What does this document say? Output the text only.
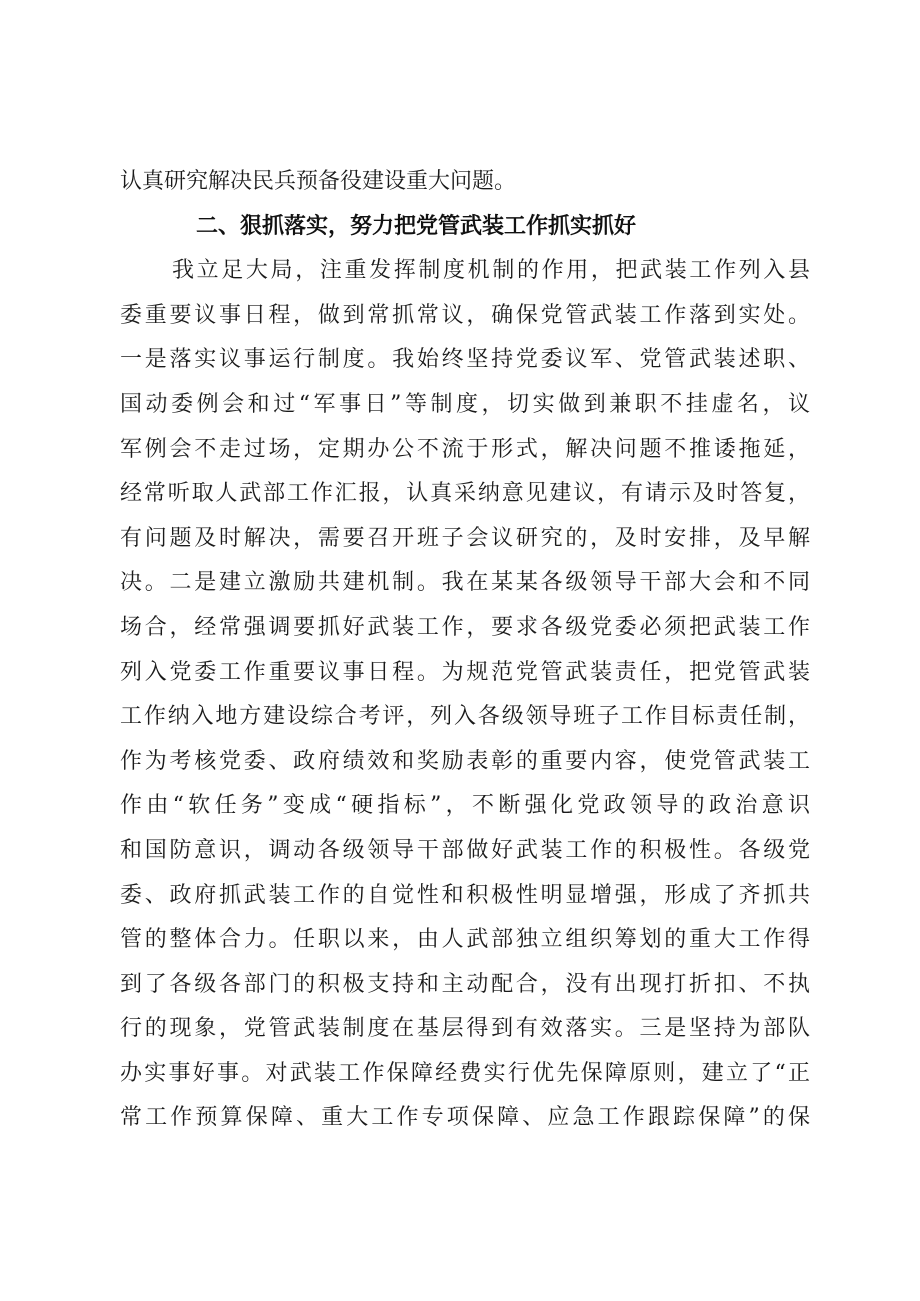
认真研究解决民兵预备役建设重大问题。
二、狠抓落实，努力把党管武装工作抓实抓好
我立足大局，注重发挥制度机制的作用，把武装工作列入县
委重要议事日程，做到常抓常议，确保党管武装工作落到实处。
一是落实议事运行制度。我始终坚持党委议军、党管武装述职、
国动委例会和过“军事日”等制度，切实做到兼职不挂虚名，议
军例会不走过场，定期办公不流于形式，解决问题不推诿拖延，
经常听取人武部工作汇报，认真采纳意见建议，有请示及时答复，
有问题及时解决，需要召开班子会议研究的，及时安排，及早解
决。二是建立激励共建机制。我在某某各级领导干部大会和不同
场合，经常强调要抓好武装工作，要求各级党委必须把武装工作
列入党委工作重要议事日程。为规范党管武装责任，把党管武装
工作纳入地方建设综合考评，列入各级领导班子工作目标责任制，
作为考核党委、政府绩效和奖励表彰的重要内容，使党管武装工
作由“软任务”变成“硬指标”，不断强化党政领导的政治意识
和国防意识，调动各级领导干部做好武装工作的积极性。各级党
委、政府抓武装工作的自觉性和积极性明显增强，形成了齐抓共
管的整体合力。任职以来，由人武部独立组织筹划的重大工作得
到了各级各部门的积极支持和主动配合，没有出现打折扣、不执
行的现象，党管武装制度在基层得到有效落实。三是坚持为部队
办实事好事。对武装工作保障经费实行优先保障原则，建立了“正
常工作预算保障、重大工作专项保障、应急工作跟踪保障”的保
